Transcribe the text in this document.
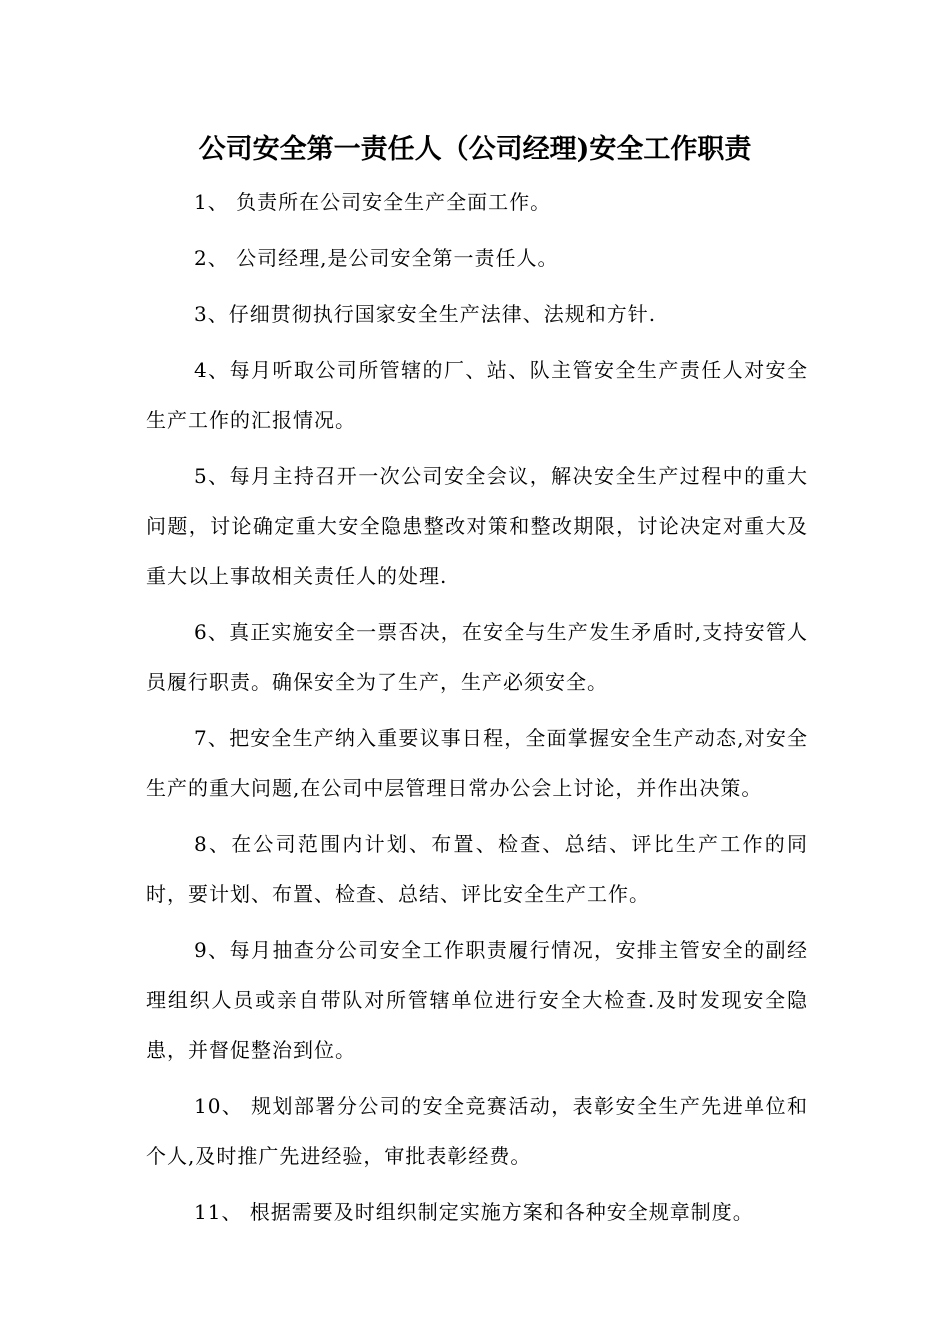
公司安全第一责任人（公司经理)安全工作职责

1、 负责所在公司安全生产全面工作。

2、 公司经理,是公司安全第一责任人。

3、仔细贯彻执行国家安全生产法律、法规和方针.

4、每月听取公司所管辖的厂、站、队主管安全生产责任人对安全生产工作的汇报情况。

5、每月主持召开一次公司安全会议，解决安全生产过程中的重大问题，讨论确定重大安全隐患整改对策和整改期限，讨论决定对重大及重大以上事故相关责任人的处理.

6、真正实施安全一票否决，在安全与生产发生矛盾时,支持安管人员履行职责。确保安全为了生产，生产必须安全。

7、把安全生产纳入重要议事日程，全面掌握安全生产动态,对安全生产的重大问题,在公司中层管理日常办公会上讨论，并作出决策。

8、在公司范围内计划、布置、检查、总结、评比生产工作的同时，要计划、布置、检查、总结、评比安全生产工作。

9、每月抽查分公司安全工作职责履行情况，安排主管安全的副经理组织人员或亲自带队对所管辖单位进行安全大检查.及时发现安全隐患，并督促整治到位。

10、 规划部署分公司的安全竞赛活动，表彰安全生产先进单位和个人,及时推广先进经验，审批表彰经费。

11、 根据需要及时组织制定实施方案和各种安全规章制度。
